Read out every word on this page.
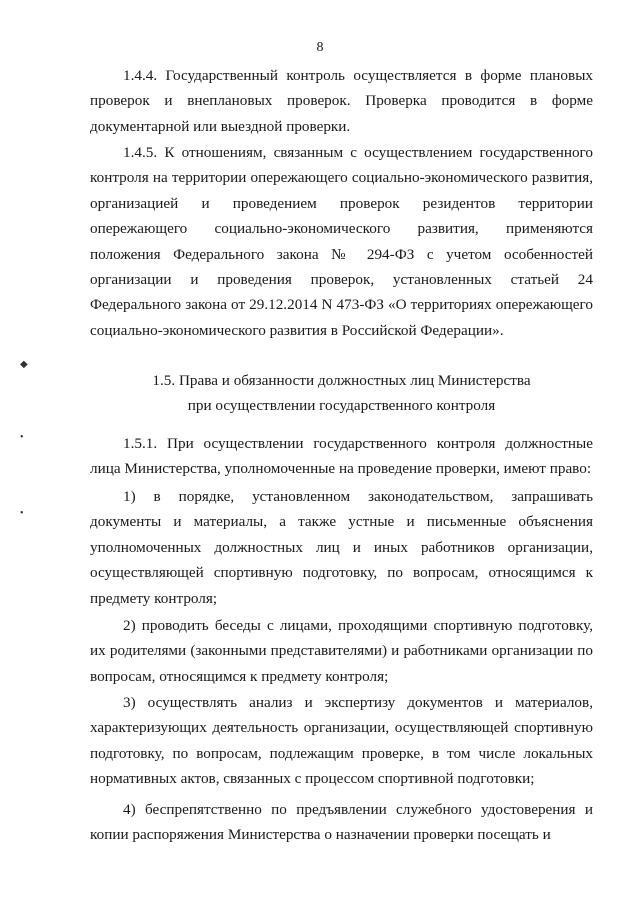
8
◆
•
•

1.4.4. Государственный контроль осуществляется в форме плановых проверок и внеплановых проверок. Проверка проводится в форме документарной или выездной проверки.

1.4.5. К отношениям, связанным с осуществлением государственного контроля на территории опережающего социально-экономического развития, организацией и проведением проверок резидентов территории опережающего социально-экономического развития, применяются положения Федерального закона № 294-ФЗ с учетом особенностей организации и проведения проверок, установленных статьей 24 Федерального закона от 29.12.2014 N 473-ФЗ «О территориях опережающего социально-экономического развития в Российской Федерации».

1.5. Права и обязанности должностных лиц Министерства

при осуществлении государственного контроля

1.5.1. При осуществлении государственного контроля должностные лица Министерства, уполномоченные на проведение проверки, имеют право:

1) в порядке, установленном законодательством, запрашивать документы и материалы, а также устные и письменные объяснения уполномоченных должностных лиц и иных работников организации, осуществляющей спортивную подготовку, по вопросам, относящимся к предмету контроля;

2) проводить беседы с лицами, проходящими спортивную подготовку, их родителями (законными представителями) и работниками организации по вопросам, относящимся к предмету контроля;

3) осуществлять анализ и экспертизу документов и материалов, характеризующих деятельность организации, осуществляющей спортивную подготовку, по вопросам, подлежащим проверке, в том числе локальных нормативных актов, связанных с процессом спортивной подготовки;

4) беспрепятственно по предъявлении служебного удостоверения и копии распоряжения Министерства о назначении проверки посещать и
